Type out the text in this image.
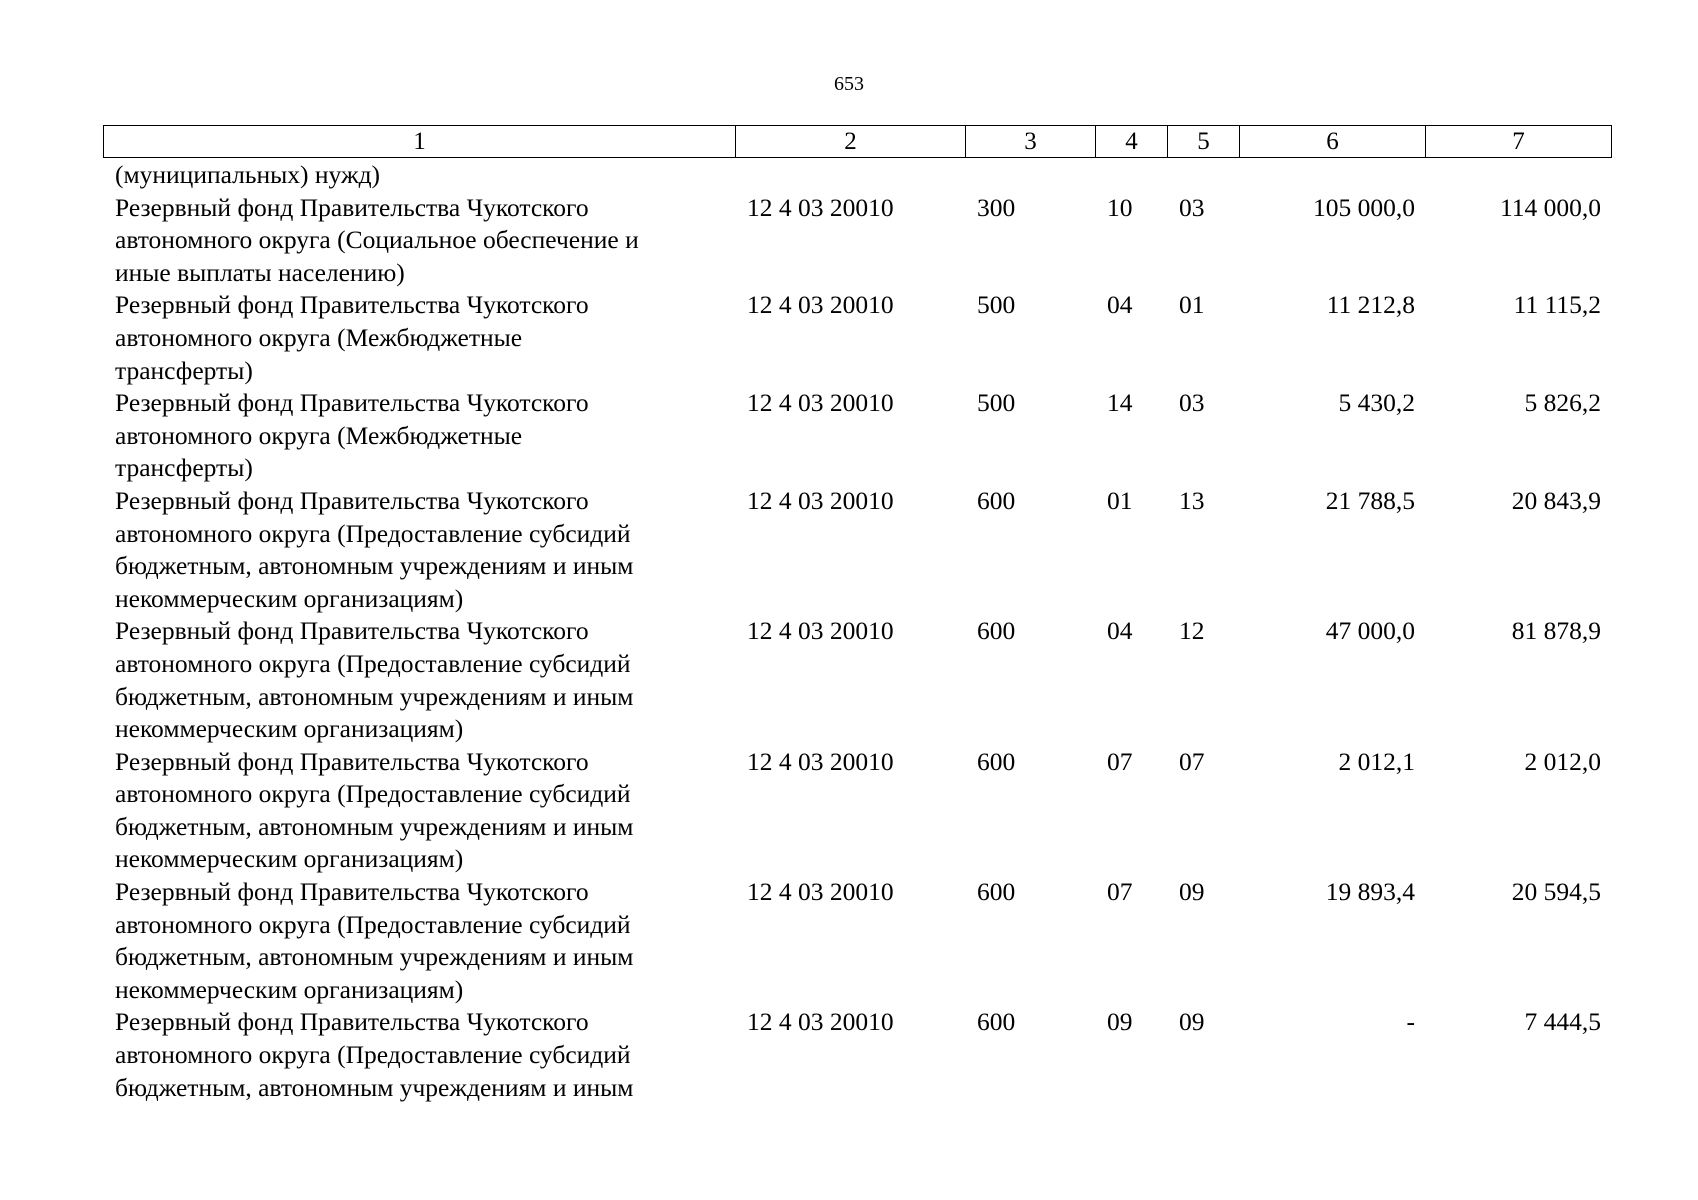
653
1	2	3	4	5	6	7
(муниципальных) нужд)						

Резервный фонд Правительства Чукотского
автономного округа (Социальное обеспечение и
иные выплаты населению)	12 4 03 20010	300	10	03	105 000,0	114 000,0

Резервный фонд Правительства Чукотского
автономного округа (Межбюджетные
трансферты)	12 4 03 20010	500	04	01	11 212,8	11 115,2

Резервный фонд Правительства Чукотского
автономного округа (Межбюджетные
трансферты)	12 4 03 20010	500	14	03	5 430,2	5 826,2

Резервный фонд Правительства Чукотского
автономного округа (Предоставление субсидий
бюджетным, автономным учреждениям и иным
некоммерческим организациям)	12 4 03 20010	600	01	13	21 788,5	20 843,9

Резервный фонд Правительства Чукотского
автономного округа (Предоставление субсидий
бюджетным, автономным учреждениям и иным
некоммерческим организациям)	12 4 03 20010	600	04	12	47 000,0	81 878,9

Резервный фонд Правительства Чукотского
автономного округа (Предоставление субсидий
бюджетным, автономным учреждениям и иным
некоммерческим организациям)	12 4 03 20010	600	07	07	2 012,1	2 012,0

Резервный фонд Правительства Чукотского
автономного округа (Предоставление субсидий
бюджетным, автономным учреждениям и иным
некоммерческим организациям)	12 4 03 20010	600	07	09	19 893,4	20 594,5

Резервный фонд Правительства Чукотского
автономного округа (Предоставление субсидий
бюджетным, автономным учреждениям и иным	12 4 03 20010	600	09	09	-	7 444,5
